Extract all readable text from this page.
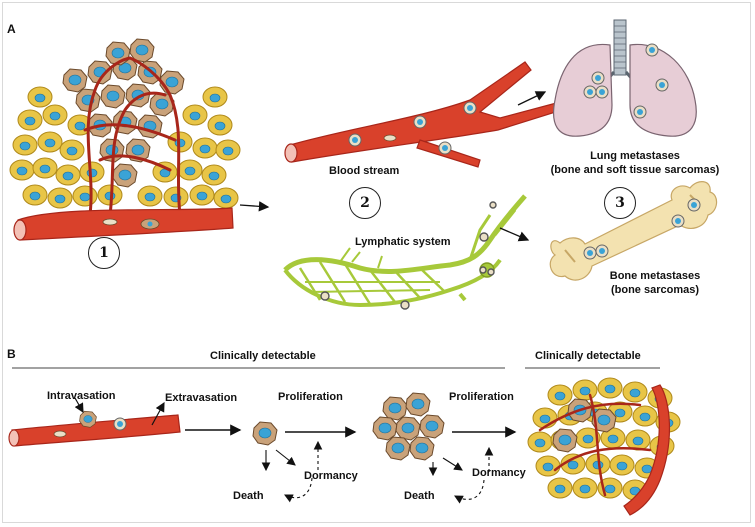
A
B
1
2	3
Blood stream
Lymphatic system
Lung metastases
(bone and soft tissue sarcomas)
Bone metastases
(bone sarcomas)
Clinically detectable	Clinically detectable
Intravasation	Extravasation	Proliferation	Proliferation
Dormancy	Dormancy
Death	Death
